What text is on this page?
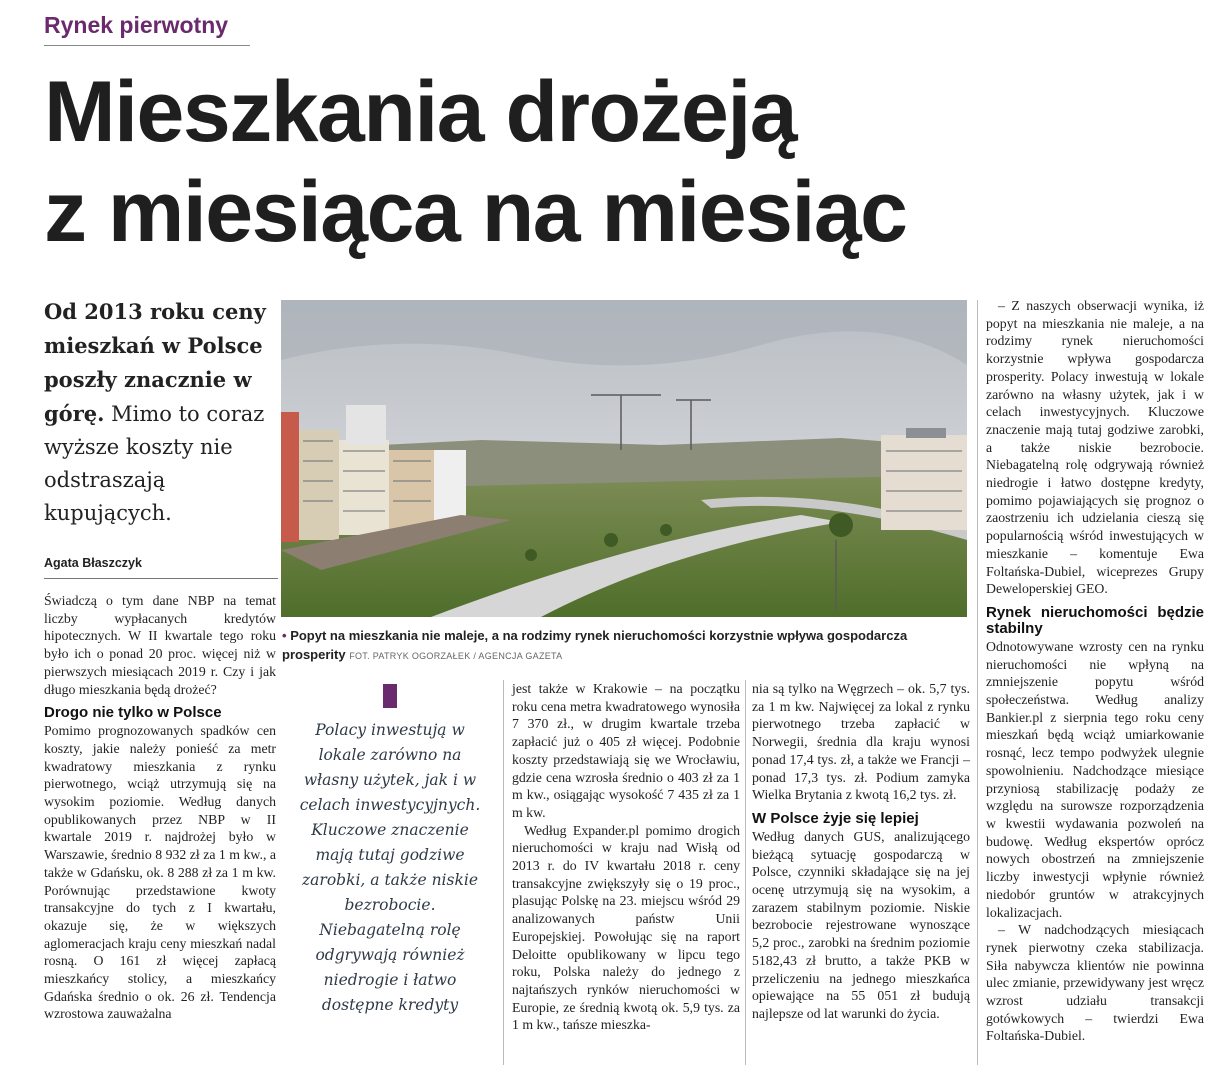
Rynek pierwotny
Mieszkania drożeją
z miesiąca na miesiąc
Od 2013 roku ceny mieszkań w Polsce poszły znacznie w górę. Mimo to coraz wyższe koszty nie odstraszają kupujących.
Agata Błaszczyk

Świadczą o tym dane NBP na temat liczby wypłacanych kredytów hipotecznych. W II kwartale tego roku było ich o ponad 20 proc. więcej niż w pierwszych miesiącach 2019 r. Czy i jak długo mieszkania będą drożeć?

Drogo nie tylko w Polsce

Pomimo prognozowanych spadków cen koszty, jakie należy ponieść za metr kwadratowy mieszkania z rynku pierwotnego, wciąż utrzymują się na wysokim poziomie. Według danych opublikowanych przez NBP w II kwartale 2019 r. najdrożej było w Warszawie, średnio 8 932 zł za 1 m kw., a także w Gdańsku, ok. 8 288 zł za 1 m kw. Porównując przedstawione kwoty transakcyjne do tych z I kwartału, okazuje się, że w większych aglomeracjach kraju ceny mieszkań nadal rosną. O 161 zł więcej zapłacą mieszkańcy stolicy, a mieszkańcy Gdańska średnio o ok. 26 zł. Tendencja wzrostowa zauważalna

• Popyt na mieszkania nie maleje, a na rodzimy rynek nieruchomości korzystnie wpływa gospodarcza prosperity FOT. PATRYK OGORZAŁEK / AGENCJA GAZETA
Polacy inwestują w lokale zarówno na własny użytek, jak i w celach inwestycyjnych. Kluczowe znaczenie mają tutaj godziwe zarobki, a także niskie bezrobocie. Niebagatelną rolę odgrywają również niedrogie i łatwo dostępne kredyty

jest także w Krakowie – na początku roku cena metra kwadratowego wynosiła 7 370 zł., w drugim kwartale trzeba zapłacić już o 405 zł więcej. Podobnie koszty przedstawiają się we Wrocławiu, gdzie cena wzrosła średnio o 403 zł za 1 m kw., osiągając wysokość 7 435 zł za 1 m kw.

Według Expander.pl pomimo drogich nieruchomości w kraju nad Wisłą od 2013 r. do IV kwartału 2018 r. ceny transakcyjne zwiększyły się o 19 proc., plasując Polskę na 23. miejscu wśród 29 analizowanych państw Unii Europejskiej. Powołując się na raport Deloitte opublikowany w lipcu tego roku, Polska należy do jednego z najtańszych rynków nieruchomości w Europie, ze średnią kwotą ok. 5,9 tys. za 1 m kw., tańsze mieszka-

nia są tylko na Węgrzech – ok. 5,7 tys. za 1 m kw. Najwięcej za lokal z rynku pierwotnego trzeba zapłacić w Norwegii, średnia dla kraju wynosi ponad 17,4 tys. zł, a także we Francji – ponad 17,3 tys. zł. Podium zamyka Wielka Brytania z kwotą 16,2 tys. zł.

W Polsce żyje się lepiej

Według danych GUS, analizującego bieżącą sytuację gospodarczą w Polsce, czynniki składające się na jej ocenę utrzymują się na wysokim, a zarazem stabilnym poziomie. Niskie bezrobocie rejestrowane wynoszące 5,2 proc., zarobki na średnim poziomie 5182,43 zł brutto, a także PKB w przeliczeniu na jednego mieszkańca opiewające na 55 051 zł budują najlepsze od lat warunki do życia.

– Z naszych obserwacji wynika, iż popyt na mieszkania nie maleje, a na rodzimy rynek nieruchomości korzystnie wpływa gospodarcza prosperity. Polacy inwestują w lokale zarówno na własny użytek, jak i w celach inwestycyjnych. Kluczowe znaczenie mają tutaj godziwe zarobki, a także niskie bezrobocie. Niebagatelną rolę odgrywają również niedrogie i łatwo dostępne kredyty, pomimo pojawiających się prognoz o zaostrzeniu ich udzielania cieszą się popularnością wśród inwestujących w mieszkanie – komentuje Ewa Foltańska-Dubiel, wiceprezes Grupy Deweloperskiej GEO.

Rynek nieruchomości będzie stabilny

Odnotowywane wzrosty cen na rynku nieruchomości nie wpłyną na zmniejszenie popytu wśród społeczeństwa. Według analizy Bankier.pl z sierpnia tego roku ceny mieszkań będą wciąż umiarkowanie rosnąć, lecz tempo podwyżek ulegnie spowolnieniu. Nadchodzące miesiące przyniosą stabilizację podaży ze względu na surowsze rozporządzenia w kwestii wydawania pozwoleń na budowę. Według ekspertów oprócz nowych obostrzeń na zmniejszenie liczby inwestycji wpłynie również niedobór gruntów w atrakcyjnych lokalizacjach.

– W nadchodzących miesiącach rynek pierwotny czeka stabilizacja. Siła nabywcza klientów nie powinna ulec zmianie, przewidywany jest wręcz wzrost udziału transakcji gotówkowych – twierdzi Ewa Foltańska-Dubiel.
